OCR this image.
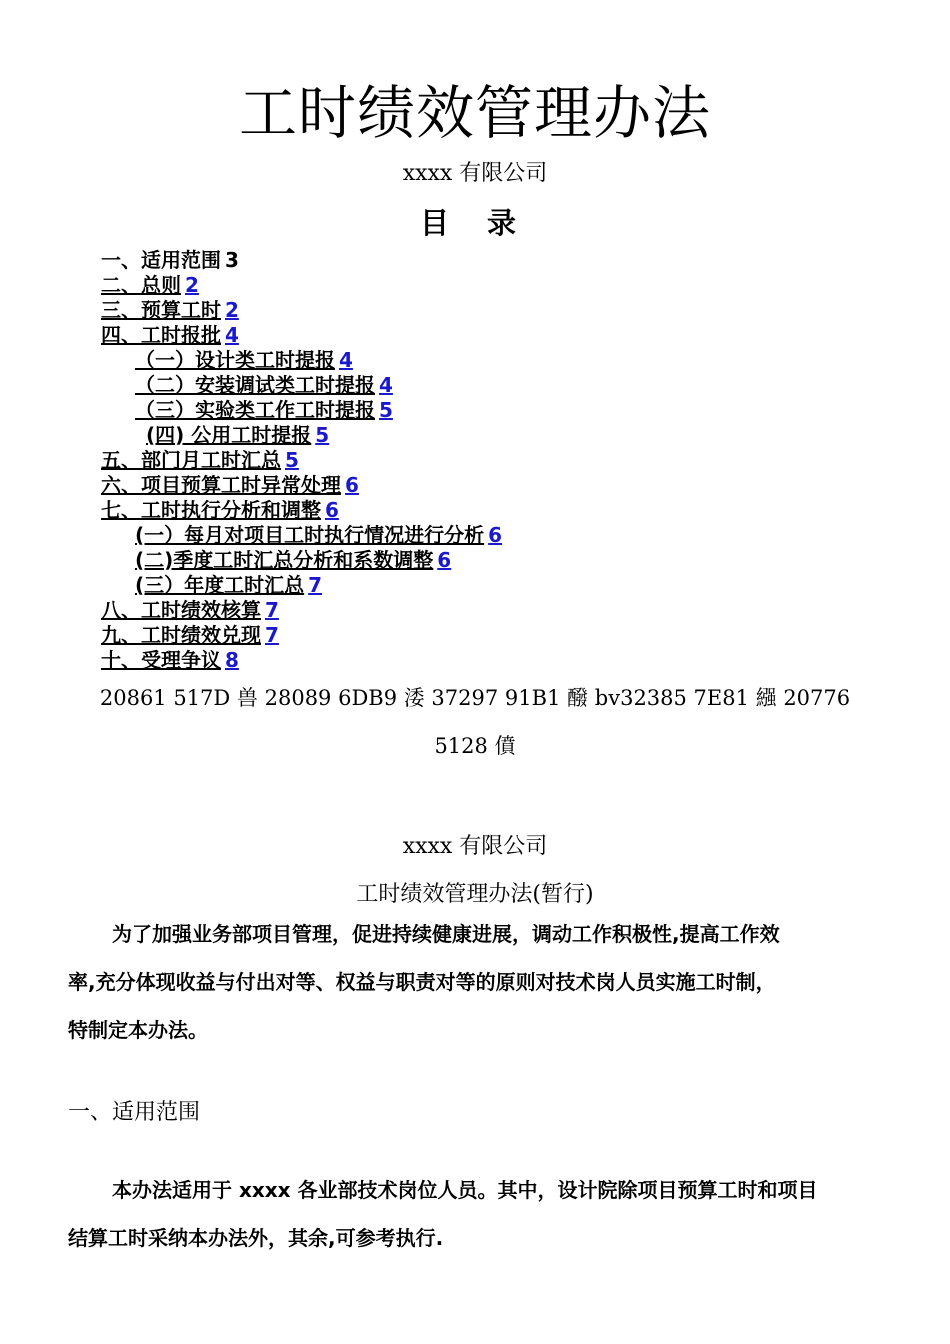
工时绩效管理办法
xxxx 有限公司
目 录
一、适用范围 3
二、总则 2
三、预算工时 2
四、工时报批 4
（一）设计类工时提报 4
（二）安装调试类工时提报 4
（三）实验类工作工时提报 5
(四) 公用工时提报 5
五、部门月工时汇总 5
六、项目预算工时异常处理 6
七、工时执行分析和调整 6
(一）每月对项目工时执行情况进行分析 6
(二)季度工时汇总分析和系数调整 6
(三）年度工时汇总 7
八、工时绩效核算 7
九、工时绩效兑现 7
十、受理争议 8
20861 517D 兽 28089 6DB9 涹 37297 91B1 醱 bv32385 7E81 繦 20776
5128 僨
xxxx 有限公司
工时绩效管理办法(暂行)
为了加强业务部项目管理，促进持续健康进展，调动工作积极性,提高工作效
率,充分体现收益与付出对等、权益与职责对等的原则对技术岗人员实施工时制，
特制定本办法。
一、适用范围
本办法适用于 xxxx 各业部技术岗位人员。其中，设计院除项目预算工时和项目
结算工时采纳本办法外，其余,可参考执行.
